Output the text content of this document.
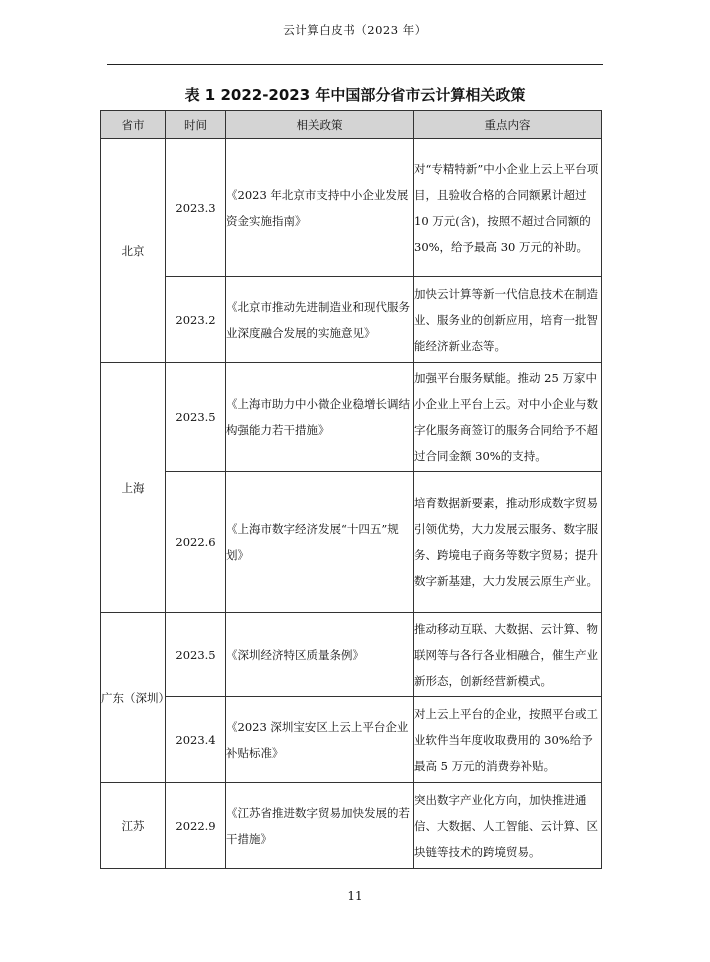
云计算白皮书（2023 年）
表 1 2022-2023 年中国部分省市云计算相关政策
省市	时间	相关政策	重点内容
北京	2023.3	《2023 年北京市支持中小企业发展资金实施指南》	对“专精特新”中小企业上云上平台项目，且验收合格的合同额累计超过 10 万元(含)，按照不超过合同额的 30%，给予最高 30 万元的补助。
	2023.2	《北京市推动先进制造业和现代服务业深度融合发展的实施意见》	加快云计算等新一代信息技术在制造业、服务业的创新应用，培育一批智能经济新业态等。
上海	2023.5	《上海市助力中小微企业稳增长调结构强能力若干措施》	加强平台服务赋能。推动 25 万家中小企业上平台上云。对中小企业与数字化服务商签订的服务合同给予不超过合同金额 30%的支持。
	2022.6	《上海市数字经济发展“十四五”规划》	培育数据新要素，推动形成数字贸易引领优势，大力发展云服务、数字服务、跨境电子商务等数字贸易；提升数字新基建，大力发展云原生产业。
广东（深圳）	2023.5	《深圳经济特区质量条例》	推动移动互联、大数据、云计算、物联网等与各行各业相融合，催生产业新形态，创新经营新模式。
	2023.4	《2023 深圳宝安区上云上平台企业补贴标准》	对上云上平台的企业，按照平台或工业软件当年度收取费用的 30%给予最高 5 万元的消费券补贴。
江苏	2022.9	《江苏省推进数字贸易加快发展的若干措施》	突出数字产业化方向，加快推进通信、大数据、人工智能、云计算、区块链等技术的跨境贸易。
11
